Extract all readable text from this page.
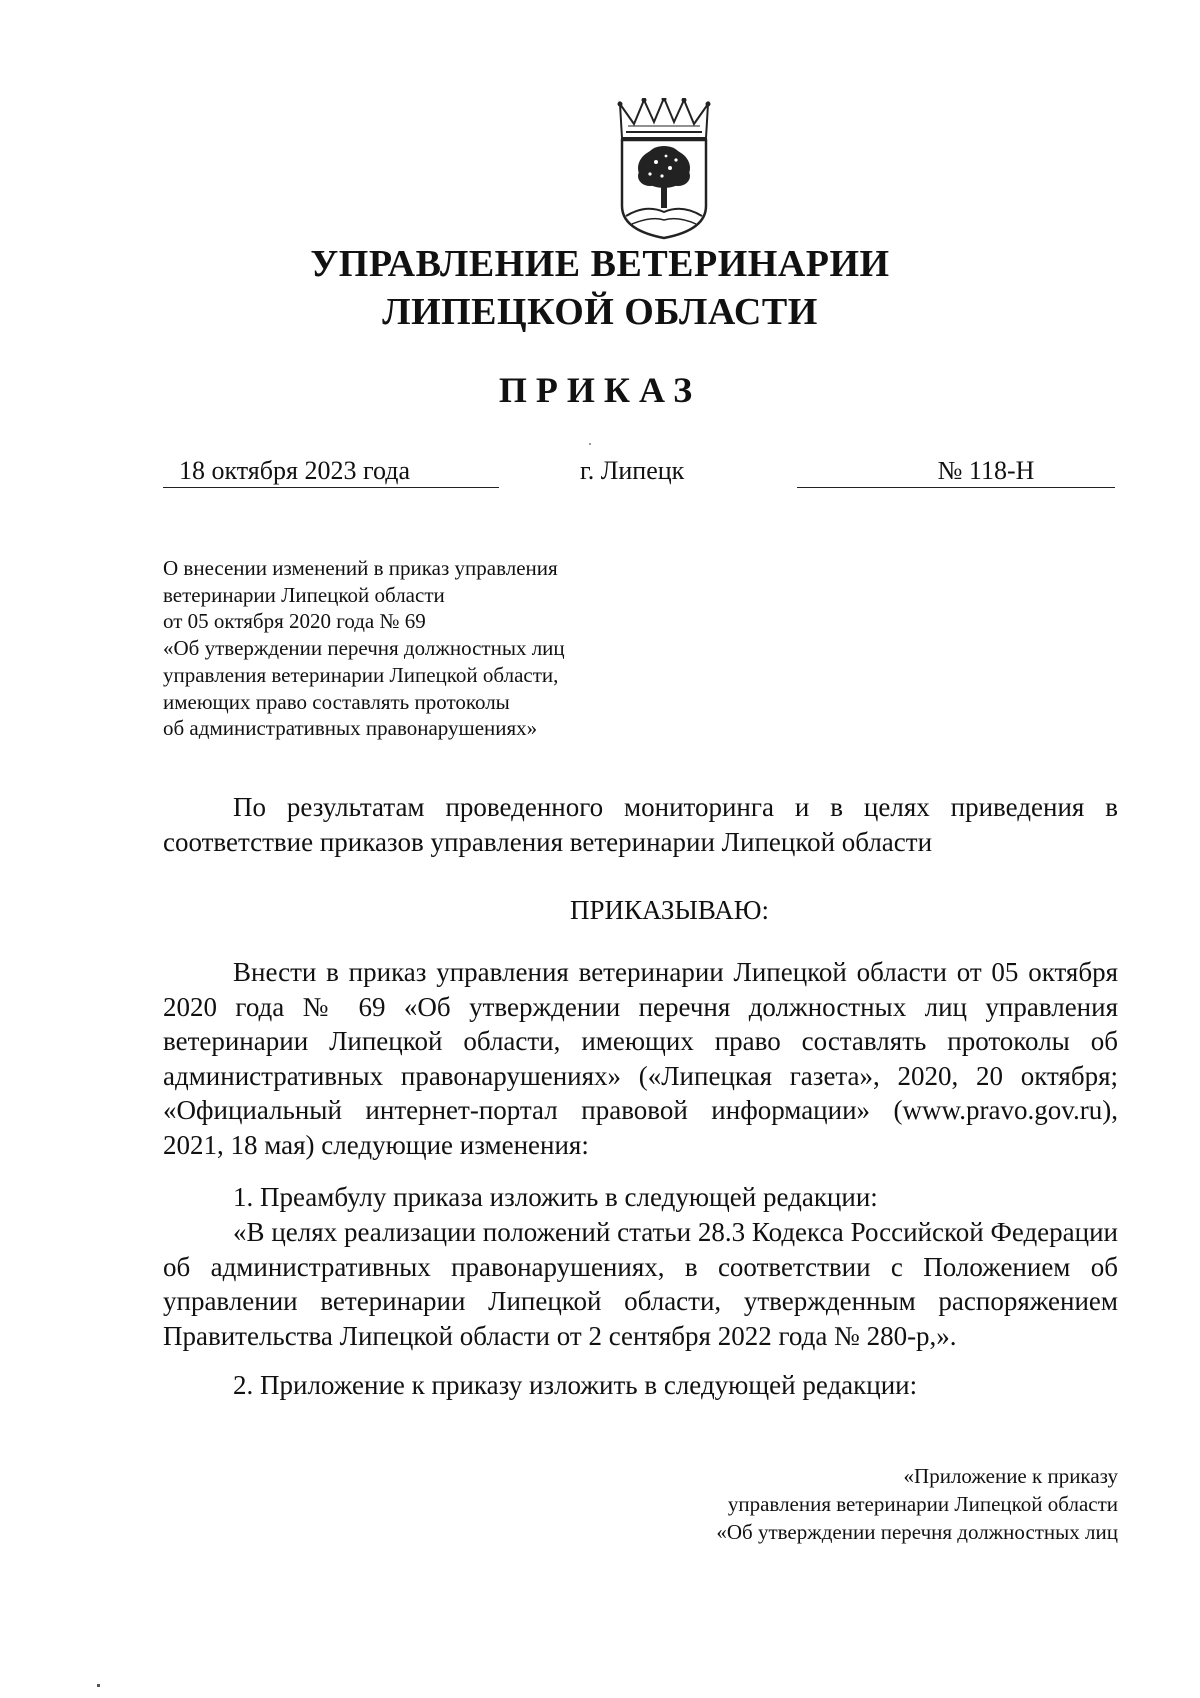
УПРАВЛЕНИЕ ВЕТЕРИНАРИИ
ЛИПЕЦКОЙ ОБЛАСТИ
ПРИКАЗ
18 октября 2023 года	г. Липецк	№ 118-Н
О внесении изменений в приказ управления
ветеринарии Липецкой области
от 05 октября 2020 года № 69
«Об утверждении перечня должностных лиц
управления ветеринарии Липецкой области,
имеющих право составлять протоколы
об административных правонарушениях»
По результатам проведенного мониторинга и в целях приведения в соответствие приказов управления ветеринарии Липецкой области
ПРИКАЗЫВАЮ:
Внести в приказ управления ветеринарии Липецкой области от 05 октября 2020 года № 69 «Об утверждении перечня должностных лиц управления ветеринарии Липецкой области, имеющих право составлять протоколы об административных правонарушениях» («Липецкая газета», 2020, 20 октября; «Официальный интернет-портал правовой информации» (www.pravo.gov.ru), 2021, 18 мая) следующие изменения:
1. Преамбулу приказа изложить в следующей редакции:
«В целях реализации положений статьи 28.3 Кодекса Российской Федерации об административных правонарушениях, в соответствии с Положением об управлении ветеринарии Липецкой области, утвержденным распоряжением Правительства Липецкой области от 2 сентября 2022 года № 280-р,».
2. Приложение к приказу изложить в следующей редакции:
«Приложение к приказу
управления ветеринарии Липецкой области
«Об утверждении перечня должностных лиц
